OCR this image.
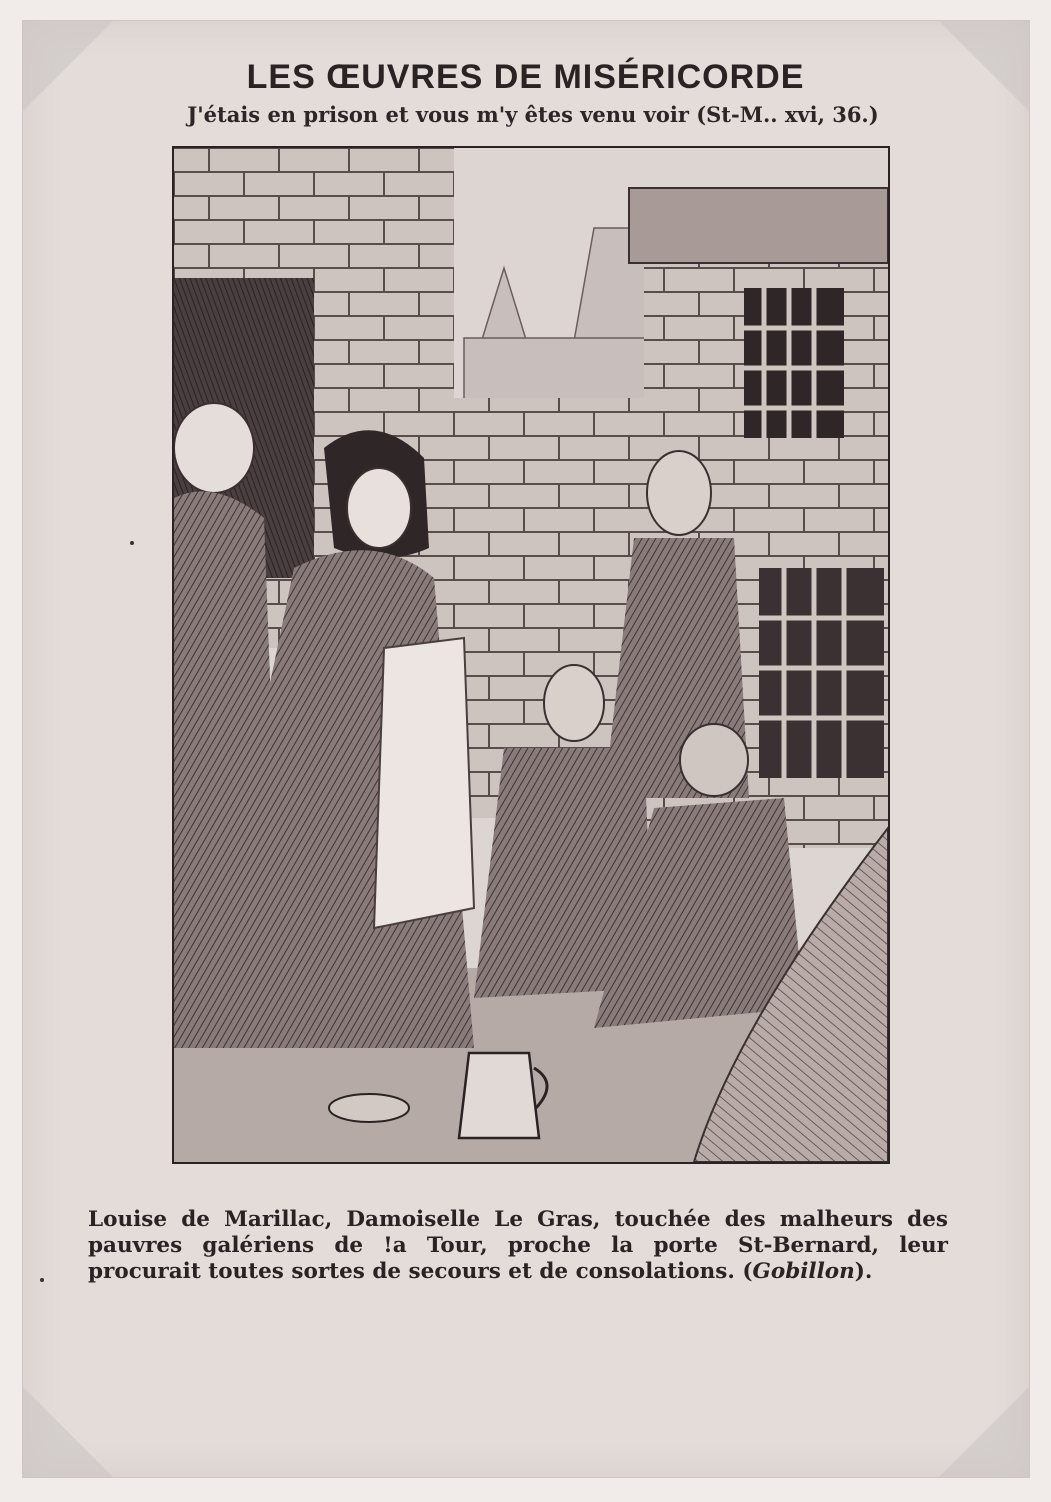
LES ŒUVRES DE MISÉRICORDE
J'étais en prison et vous m'y êtes venu voir (St-M.. xvi, 36.)
Louise de Marillac, Damoiselle Le Gras, touchée des malheurs des pauvres galériens de !a Tour, proche la porte St-Bernard, leur procurait toutes sortes de secours et de consolations. (Gobillon).
